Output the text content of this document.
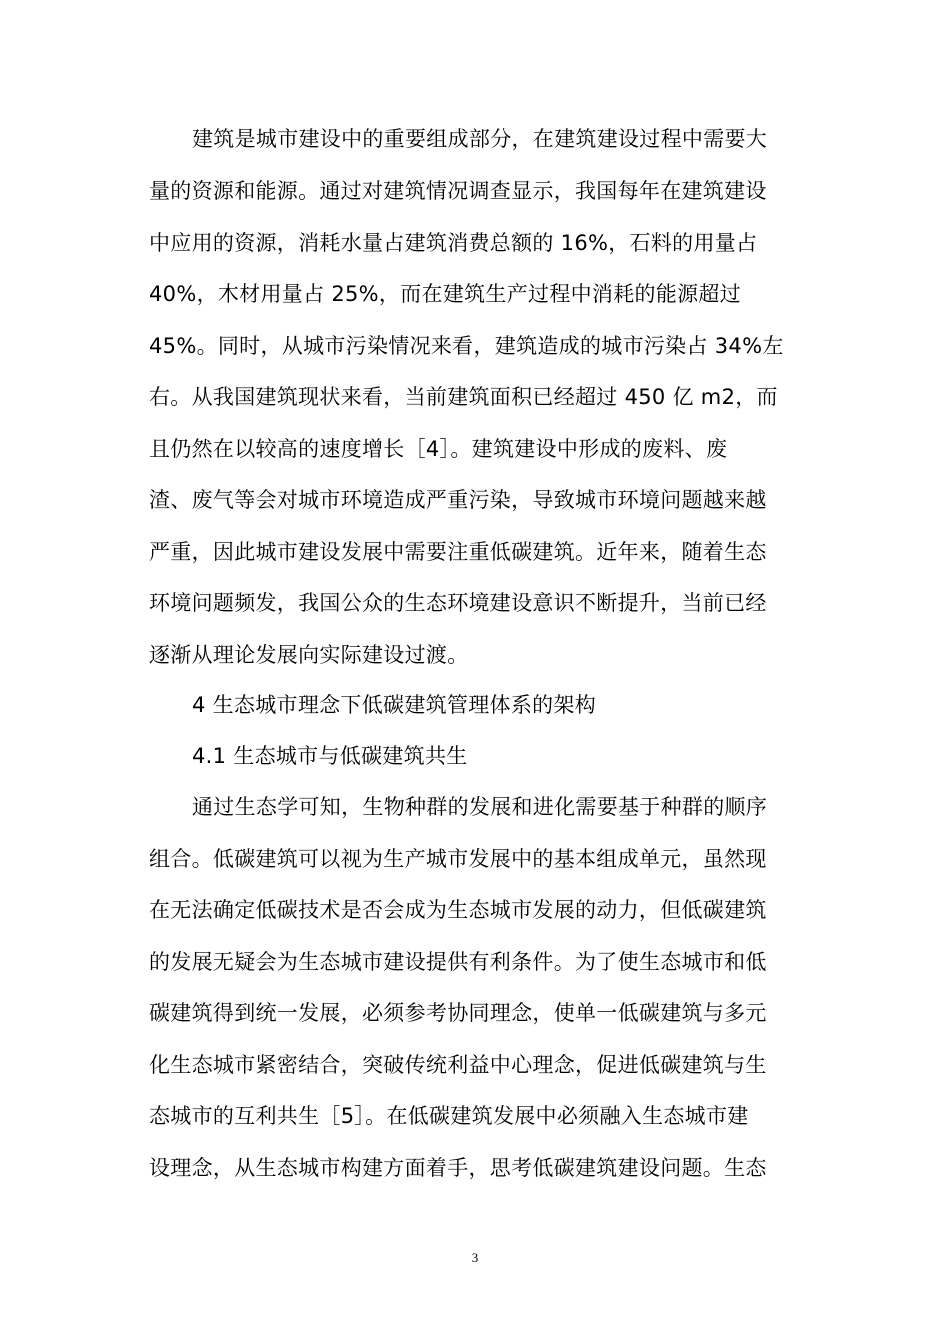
建筑是城市建设中的重要组成部分，在建筑建设过程中需要大
量的资源和能源。通过对建筑情况调查显示，我国每年在建筑建设
中应用的资源，消耗水量占建筑消费总额的 16%，石料的用量占
40%，木材用量占 25%，而在建筑生产过程中消耗的能源超过
45%。同时，从城市污染情况来看，建筑造成的城市污染占 34%左
右。从我国建筑现状来看，当前建筑面积已经超过 450 亿 m2，而
且仍然在以较高的速度增长［4］。建筑建设中形成的废料、废
渣、废气等会对城市环境造成严重污染，导致城市环境问题越来越
严重，因此城市建设发展中需要注重低碳建筑。近年来，随着生态
环境问题频发，我国公众的生态环境建设意识不断提升，当前已经
逐渐从理论发展向实际建设过渡。
4 生态城市理念下低碳建筑管理体系的架构
4.1 生态城市与低碳建筑共生
通过生态学可知，生物种群的发展和进化需要基于种群的顺序
组合。低碳建筑可以视为生产城市发展中的基本组成单元，虽然现
在无法确定低碳技术是否会成为生态城市发展的动力，但低碳建筑
的发展无疑会为生态城市建设提供有利条件。为了使生态城市和低
碳建筑得到统一发展，必须参考协同理念，使单一低碳建筑与多元
化生态城市紧密结合，突破传统利益中心理念，促进低碳建筑与生
态城市的互利共生［5］。在低碳建筑发展中必须融入生态城市建
设理念，从生态城市构建方面着手，思考低碳建筑建设问题。生态
3
